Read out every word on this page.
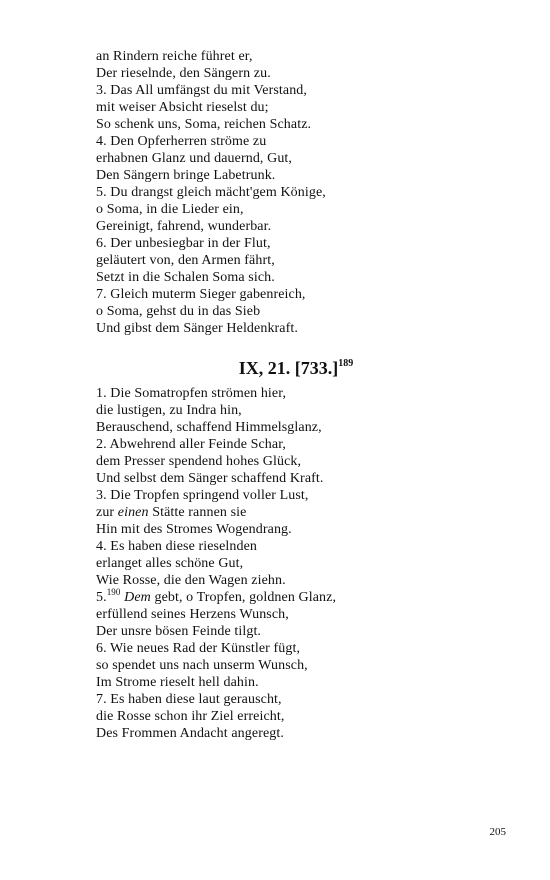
an Rindern reiche führet er,
Der rieselnde, den Sängern zu.
3. Das All umfängst du mit Verstand,
mit weiser Absicht rieselst du;
So schenk uns, Soma, reichen Schatz.
4. Den Opferherren ströme zu
erhabnen Glanz und dauernd, Gut,
Den Sängern bringe Labetrunk.
5. Du drangst gleich mächt'gem Könige,
o Soma, in die Lieder ein,
Gereinigt, fahrend, wunderbar.
6. Der unbesiegbar in der Flut,
geläutert von, den Armen fährt,
Setzt in die Schalen Soma sich.
7. Gleich muterm Sieger gabenreich,
o Soma, gehst du in das Sieb
Und gibst dem Sänger Heldenkraft.
IX, 21. $[733.]^{189}$
1. Die Somatropfen strömen hier,
die lustigen, zu Indra hin,
Berauschend, schaffend Himmelsglanz,
2. Abwehrend aller Feinde Schar,
dem Presser spendend hohes Glück,
Und selbst dem Sänger schaffend Kraft.
3. Die Tropfen springend voller Lust,
zur einen Stätte rannen sie
Hin mit des Stromes Wogendrang.
4. Es haben diese rieselnden
erlanget alles schöne Gut,
Wie Rosse, die den Wagen ziehn.
5.$^{190}$ Dem gebt, o Tropfen, goldnen Glanz,
erfüllend seines Herzens Wunsch,
Der unsre bösen Feinde tilgt.
6. Wie neues Rad der Künstler fügt,
so spendet uns nach unserm Wunsch,
Im Strome rieselt hell dahin.
7. Es haben diese laut gerauscht,
die Rosse schon ihr Ziel erreicht,
Des Frommen Andacht angeregt.
205
